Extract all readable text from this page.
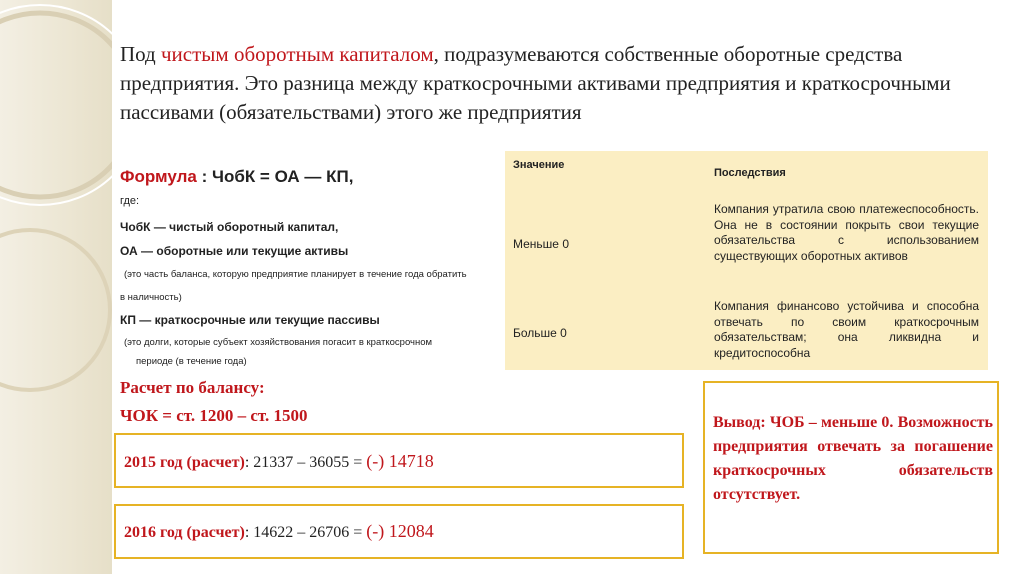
Под чистым оборотным капиталом, подразумеваются собственные оборотные средства предприятия. Это разница между краткосрочными активами предприятия и краткосрочными пассивами (обязательствами) этого же предприятия
Формула : ЧобК = ОА — КП,
где:
ЧобК — чистый оборотный капитал,
ОА — оборотные или текущие активы
(это часть баланса, которую предприятие планирует в течение года обратить
в наличность)
КП — краткосрочные или текущие пассивы
(это долги, которые субъект хозяйствования погасит в краткосрочном
периоде (в течение года)
Расчет по балансу:
ЧОК = ст. 1200 – ст. 1500
2015 год (расчет): 21337 – 36055 = (-) 14718
2016 год (расчет): 14622 – 26706 = (-) 12084
Значение
Последствия
Меньше 0
Компания утратила свою платежеспособность. Она не в состоянии покрыть свои текущие обязательства с использованием существующих оборотных активов
Больше 0
Компания финансово устойчива и способна отвечать по своим краткосрочным обязательствам; она ликвидна и кредитоспособна
Вывод: ЧОБ – меньше 0. Возможность предприятия отвечать за погашение краткосрочных обязательств отсутствует.
